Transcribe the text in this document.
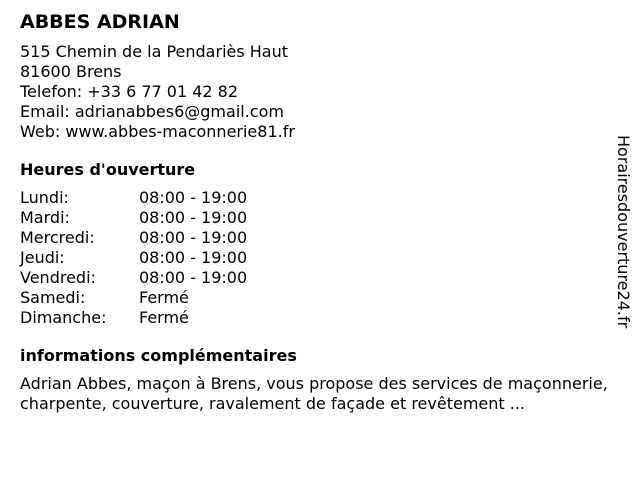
ABBES ADRIAN
515 Chemin de la Pendariès Haut
81600 Brens
Telefon: +33 6 77 01 42 82
Email: adrianabbes6@gmail.com
Web: www.abbes-maconnerie81.fr
Heures d'ouverture
Lundi:	08:00 - 19:00
Mardi:	08:00 - 19:00
Mercredi:	08:00 - 19:00
Jeudi:	08:00 - 19:00
Vendredi:	08:00 - 19:00
Samedi:	Fermé
Dimanche:	Fermé
informations complémentaires
Adrian Abbes, maçon à Brens, vous propose des services de maçonnerie, charpente, couverture, ravalement de façade et revêtement ...
Horairesdouverture24.fr
